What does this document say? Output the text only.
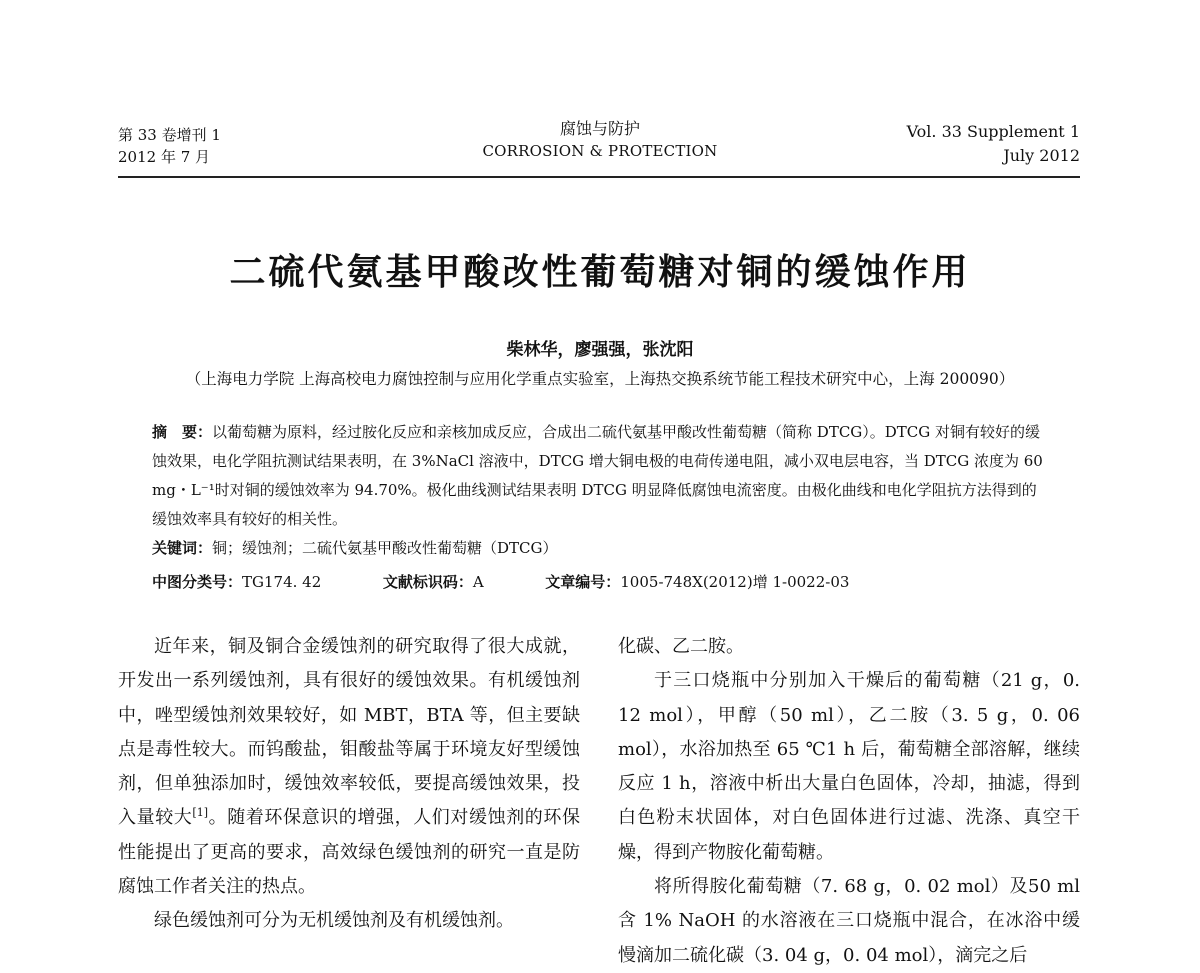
第 33 卷增刊 1
2012 年 7 月
腐蚀与防护
CORROSION & PROTECTION
Vol. 33 Supplement 1
July 2012
二硫代氨基甲酸改性葡萄糖对铜的缓蚀作用
柴林华，廖强强，张沈阳
（上海电力学院 上海高校电力腐蚀控制与应用化学重点实验室，上海热交换系统节能工程技术研究中心，上海 200090）

摘　要：以葡萄糖为原料，经过胺化反应和亲核加成反应，合成出二硫代氨基甲酸改性葡萄糖（简称 DTCG）。DTCG 对铜有较好的缓蚀效果，电化学阻抗测试结果表明，在 3%NaCl 溶液中，DTCG 增大铜电极的电荷传递电阻，减小双电层电容，当 DTCG 浓度为 60 mg・L⁻¹时对铜的缓蚀效率为 94.70%。极化曲线测试结果表明 DTCG 明显降低腐蚀电流密度。由极化曲线和电化学阻抗方法得到的缓蚀效率具有较好的相关性。

关键词：铜；缓蚀剂；二硫代氨基甲酸改性葡萄糖（DTCG）

中图分类号：TG174. 42	文献标识码：A	文章编号：1005-748X(2012)增 1-0022-03

近年来，铜及铜合金缓蚀剂的研究取得了很大成就，开发出一系列缓蚀剂，具有很好的缓蚀效果。有机缓蚀剂中，唑型缓蚀剂效果较好，如 MBT，BTA 等，但主要缺点是毒性较大。而钨酸盐，钼酸盐等属于环境友好型缓蚀剂，但单独添加时，缓蚀效率较低，要提高缓蚀效果，投入量较大[1]。随着环保意识的增强，人们对缓蚀剂的环保性能提出了更高的要求，高效绿色缓蚀剂的研究一直是防腐蚀工作者关注的热点。

绿色缓蚀剂可分为无机缓蚀剂及有机缓蚀剂。

化碳、乙二胺。

于三口烧瓶中分别加入干燥后的葡萄糖（21 g，0. 12 mol），甲醇（50 ml），乙二胺（3. 5 g，0. 06 mol），水浴加热至 65 ℃1 h 后，葡萄糖全部溶解，继续反应 1 h，溶液中析出大量白色固体，冷却，抽滤，得到白色粉末状固体，对白色固体进行过滤、洗涤、真空干燥，得到产物胺化葡萄糖。

将所得胺化葡萄糖（7. 68 g，0. 02 mol）及50 ml 含 1% NaOH 的水溶液在三口烧瓶中混合，在冰浴中缓慢滴加二硫化碳（3. 04 g，0. 04 mol），滴完之后
